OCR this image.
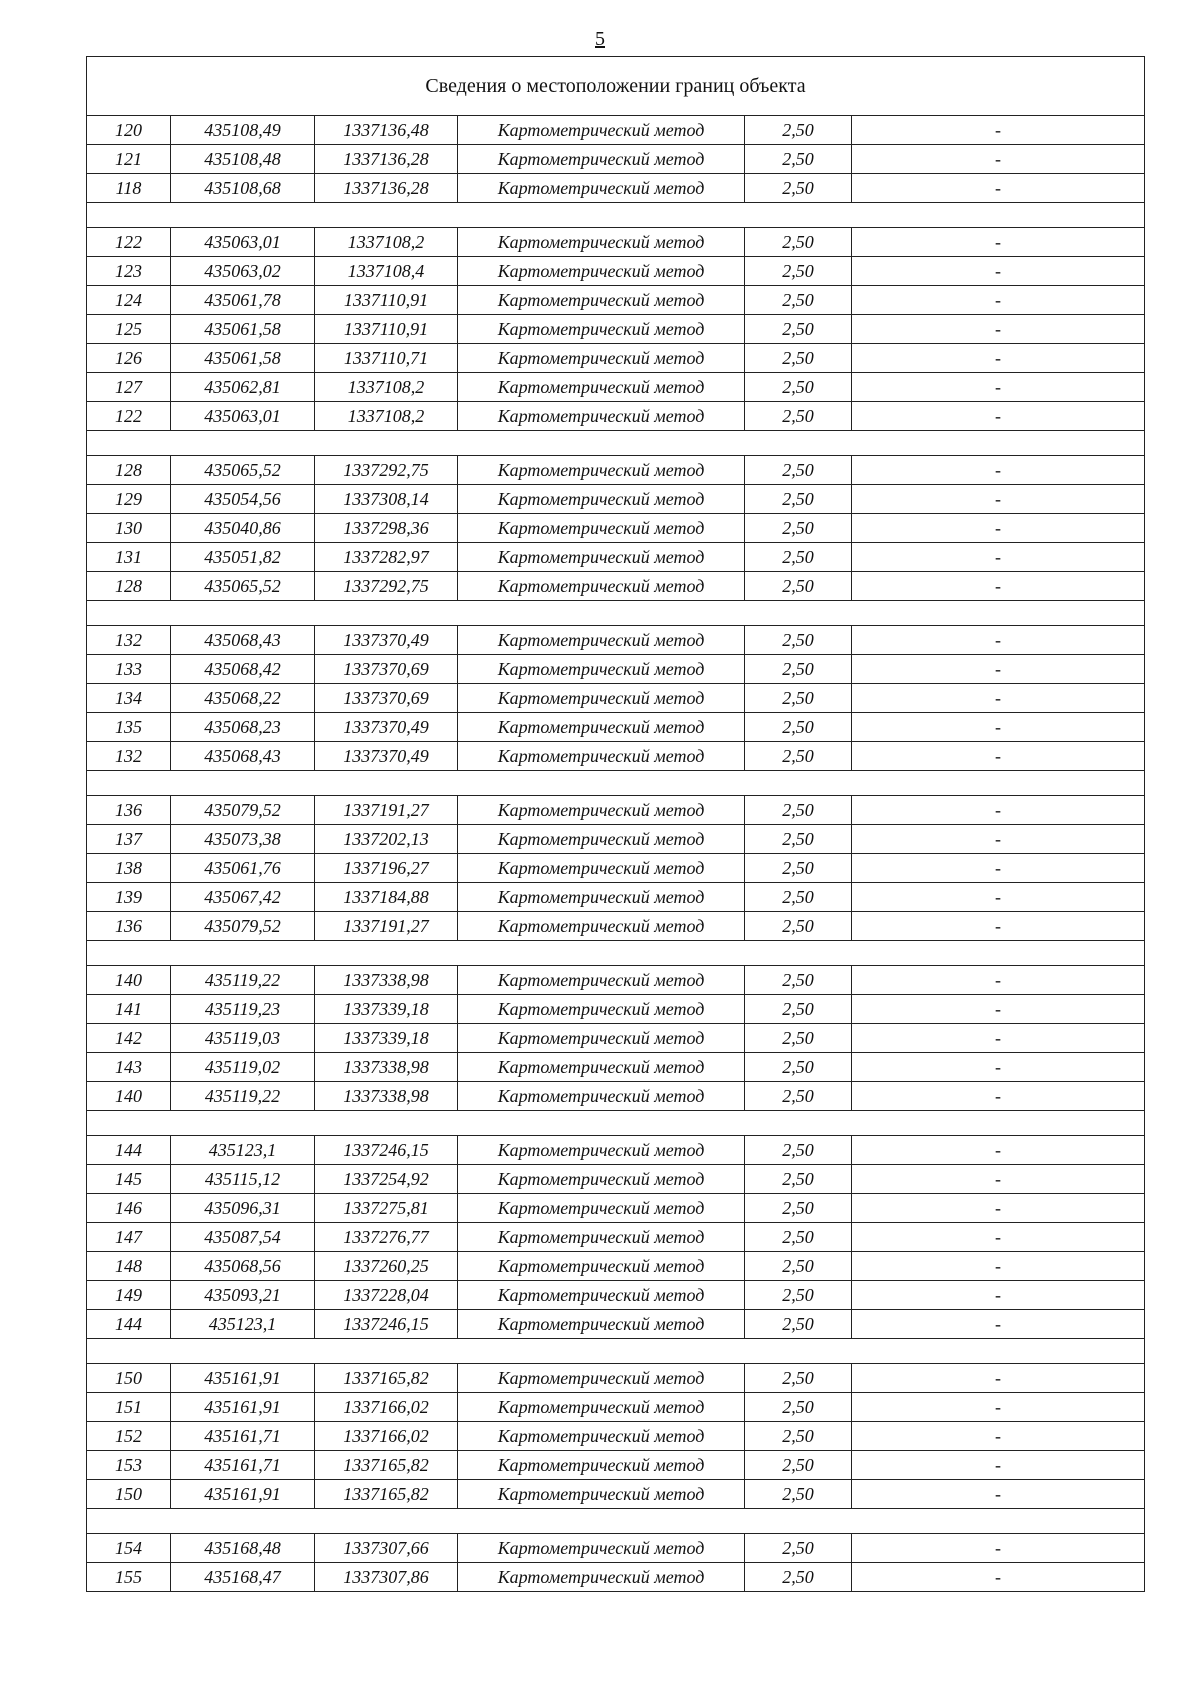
5
Сведения о местоположении границ объекта					
120	435108,49	1337136,48	Картометрический метод	2,50	-
121	435108,48	1337136,28	Картометрический метод	2,50	-
118	435108,68	1337136,28	Картометрический метод	2,50	-

122	435063,01	1337108,2	Картометрический метод	2,50	-
123	435063,02	1337108,4	Картометрический метод	2,50	-
124	435061,78	1337110,91	Картометрический метод	2,50	-
125	435061,58	1337110,91	Картометрический метод	2,50	-
126	435061,58	1337110,71	Картометрический метод	2,50	-
127	435062,81	1337108,2	Картометрический метод	2,50	-
122	435063,01	1337108,2	Картометрический метод	2,50	-

128	435065,52	1337292,75	Картометрический метод	2,50	-
129	435054,56	1337308,14	Картометрический метод	2,50	-
130	435040,86	1337298,36	Картометрический метод	2,50	-
131	435051,82	1337282,97	Картометрический метод	2,50	-
128	435065,52	1337292,75	Картометрический метод	2,50	-

132	435068,43	1337370,49	Картометрический метод	2,50	-
133	435068,42	1337370,69	Картометрический метод	2,50	-
134	435068,22	1337370,69	Картометрический метод	2,50	-
135	435068,23	1337370,49	Картометрический метод	2,50	-
132	435068,43	1337370,49	Картометрический метод	2,50	-

136	435079,52	1337191,27	Картометрический метод	2,50	-
137	435073,38	1337202,13	Картометрический метод	2,50	-
138	435061,76	1337196,27	Картометрический метод	2,50	-
139	435067,42	1337184,88	Картометрический метод	2,50	-
136	435079,52	1337191,27	Картометрический метод	2,50	-

140	435119,22	1337338,98	Картометрический метод	2,50	-
141	435119,23	1337339,18	Картометрический метод	2,50	-
142	435119,03	1337339,18	Картометрический метод	2,50	-
143	435119,02	1337338,98	Картометрический метод	2,50	-
140	435119,22	1337338,98	Картометрический метод	2,50	-

144	435123,1	1337246,15	Картометрический метод	2,50	-
145	435115,12	1337254,92	Картометрический метод	2,50	-
146	435096,31	1337275,81	Картометрический метод	2,50	-
147	435087,54	1337276,77	Картометрический метод	2,50	-
148	435068,56	1337260,25	Картометрический метод	2,50	-
149	435093,21	1337228,04	Картометрический метод	2,50	-
144	435123,1	1337246,15	Картометрический метод	2,50	-

150	435161,91	1337165,82	Картометрический метод	2,50	-
151	435161,91	1337166,02	Картометрический метод	2,50	-
152	435161,71	1337166,02	Картометрический метод	2,50	-
153	435161,71	1337165,82	Картометрический метод	2,50	-
150	435161,91	1337165,82	Картометрический метод	2,50	-

154	435168,48	1337307,66	Картометрический метод	2,50	-
155	435168,47	1337307,86	Картометрический метод	2,50	-
